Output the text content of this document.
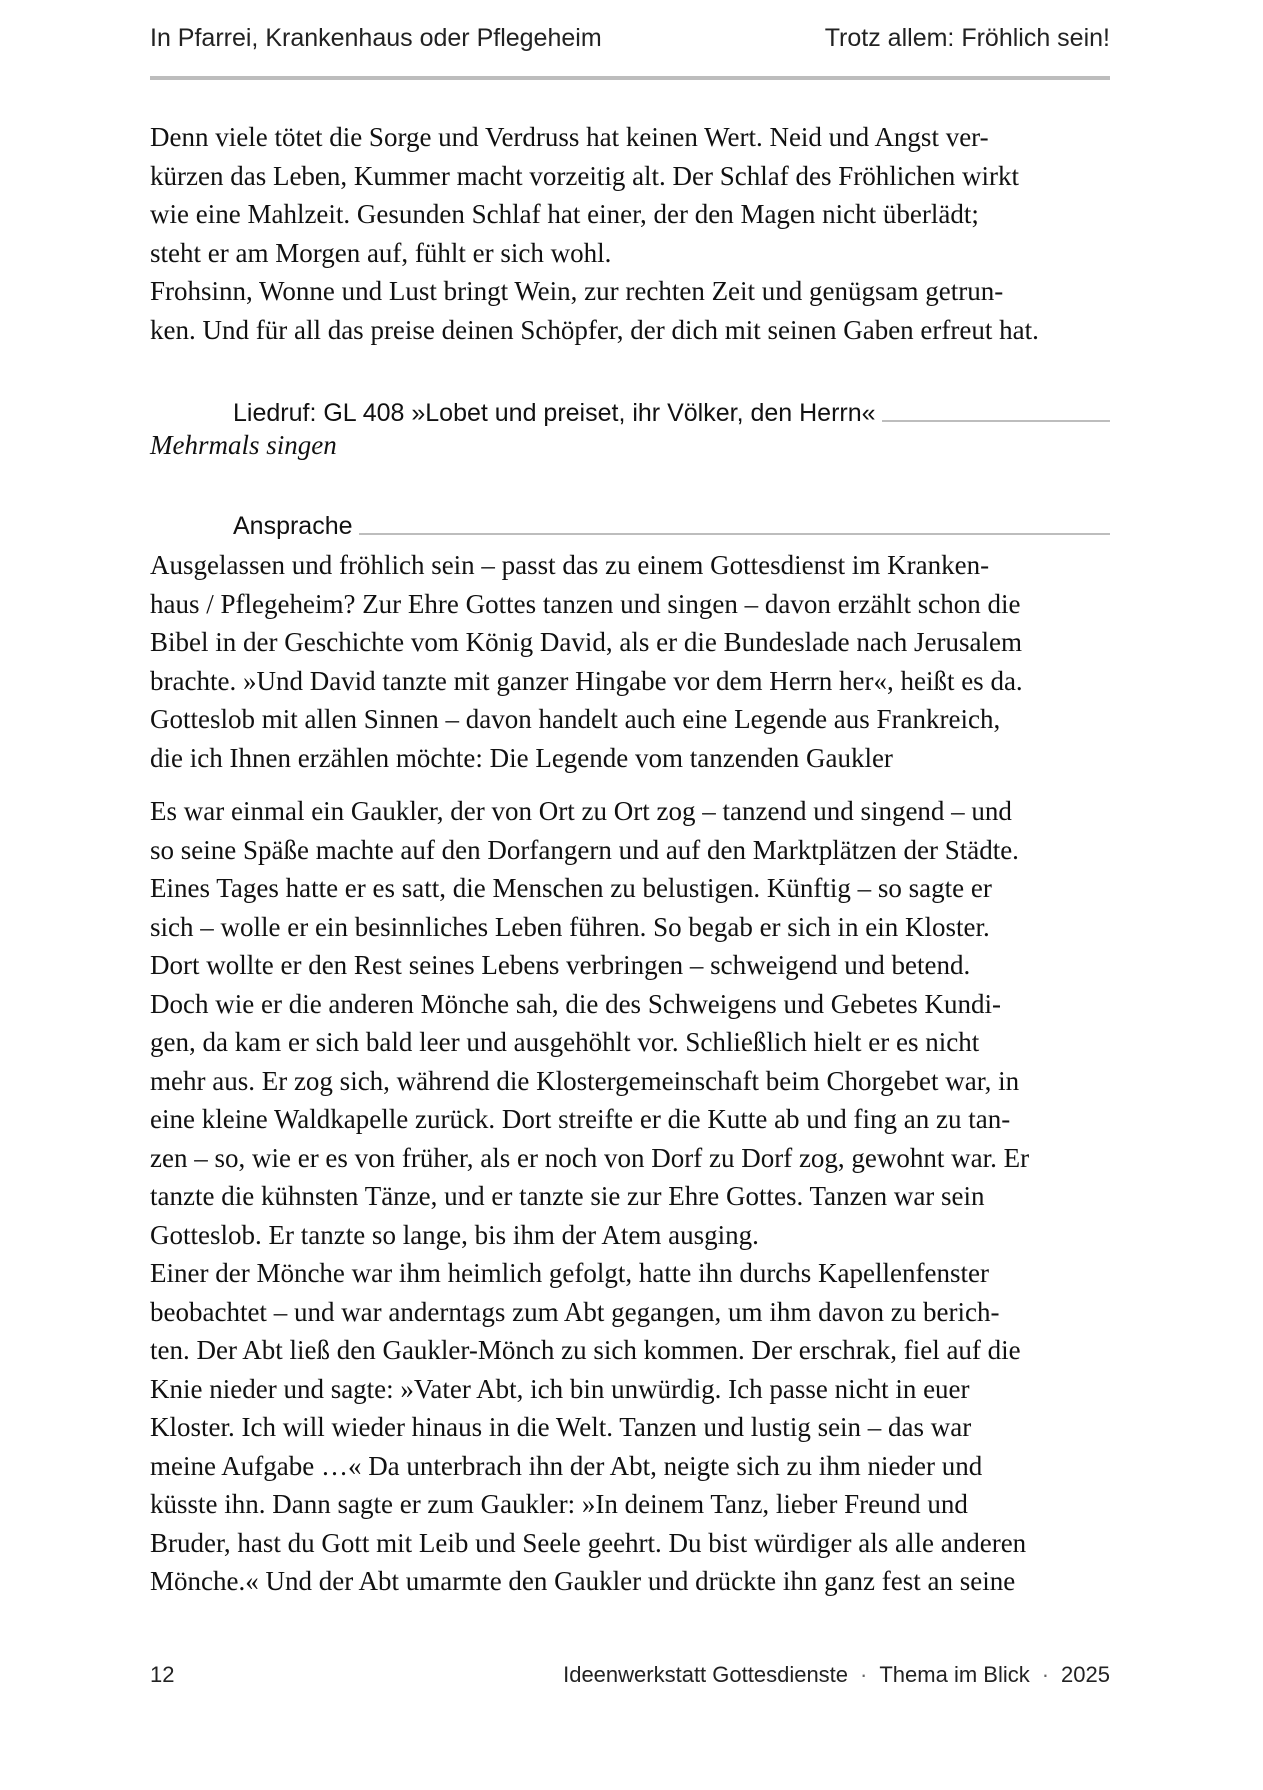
In Pfarrei, Krankenhaus oder Pflegeheim	Trotz allem: Fröhlich sein!

Denn viele tötet die Sorge und Verdruss hat keinen Wert. Neid und Angst ver-

kürzen das Leben, Kummer macht vorzeitig alt. Der Schlaf des Fröhlichen wirkt

wie eine Mahlzeit. Gesunden Schlaf hat einer, der den Magen nicht überlädt;

steht er am Morgen auf, fühlt er sich wohl.

Frohsinn, Wonne und Lust bringt Wein, zur rechten Zeit und genügsam getrun-

ken. Und für all das preise deinen Schöpfer, der dich mit seinen Gaben erfreut hat.

Liedruf: GL 408 »Lobet und preiset, ihr Völker, den Herrn«
Mehrmals singen
Ansprache

Ausgelassen und fröhlich sein – passt das zu einem Gottesdienst im Kranken-

haus / Pflegeheim? Zur Ehre Gottes tanzen und singen – davon erzählt schon die

Bibel in der Geschichte vom König David, als er die Bundeslade nach Jerusalem

brachte. »Und David tanzte mit ganzer Hingabe vor dem Herrn her«, heißt es da.

Gotteslob mit allen Sinnen – davon handelt auch eine Legende aus Frankreich,

die ich Ihnen erzählen möchte: Die Legende vom tanzenden Gaukler

Es war einmal ein Gaukler, der von Ort zu Ort zog – tanzend und singend – und

so seine Späße machte auf den Dorfangern und auf den Marktplätzen der Städte.

Eines Tages hatte er es satt, die Menschen zu belustigen. Künftig – so sagte er

sich – wolle er ein besinnliches Leben führen. So begab er sich in ein Kloster.

Dort wollte er den Rest seines Lebens verbringen – schweigend und betend.

Doch wie er die anderen Mönche sah, die des Schweigens und Gebetes Kundi-

gen, da kam er sich bald leer und ausgehöhlt vor. Schließlich hielt er es nicht

mehr aus. Er zog sich, während die Klostergemeinschaft beim Chorgebet war, in

eine kleine Waldkapelle zurück. Dort streifte er die Kutte ab und fing an zu tan-

zen – so, wie er es von früher, als er noch von Dorf zu Dorf zog, gewohnt war. Er

tanzte die kühnsten Tänze, und er tanzte sie zur Ehre Gottes. Tanzen war sein

Gotteslob. Er tanzte so lange, bis ihm der Atem ausging.

Einer der Mönche war ihm heimlich gefolgt, hatte ihn durchs Kapellenfenster

beobachtet – und war anderntags zum Abt gegangen, um ihm davon zu berich-

ten. Der Abt ließ den Gaukler-Mönch zu sich kommen. Der erschrak, fiel auf die

Knie nieder und sagte: »Vater Abt, ich bin unwürdig. Ich passe nicht in euer

Kloster. Ich will wieder hinaus in die Welt. Tanzen und lustig sein – das war

meine Aufgabe …« Da unterbrach ihn der Abt, neigte sich zu ihm nieder und

küsste ihn. Dann sagte er zum Gaukler: »In deinem Tanz, lieber Freund und

Bruder, hast du Gott mit Leib und Seele geehrt. Du bist würdiger als alle anderen

Mönche.« Und der Abt umarmte den Gaukler und drückte ihn ganz fest an seine

12	Ideenwerkstatt Gottesdienste · Thema im Blick · 2025
